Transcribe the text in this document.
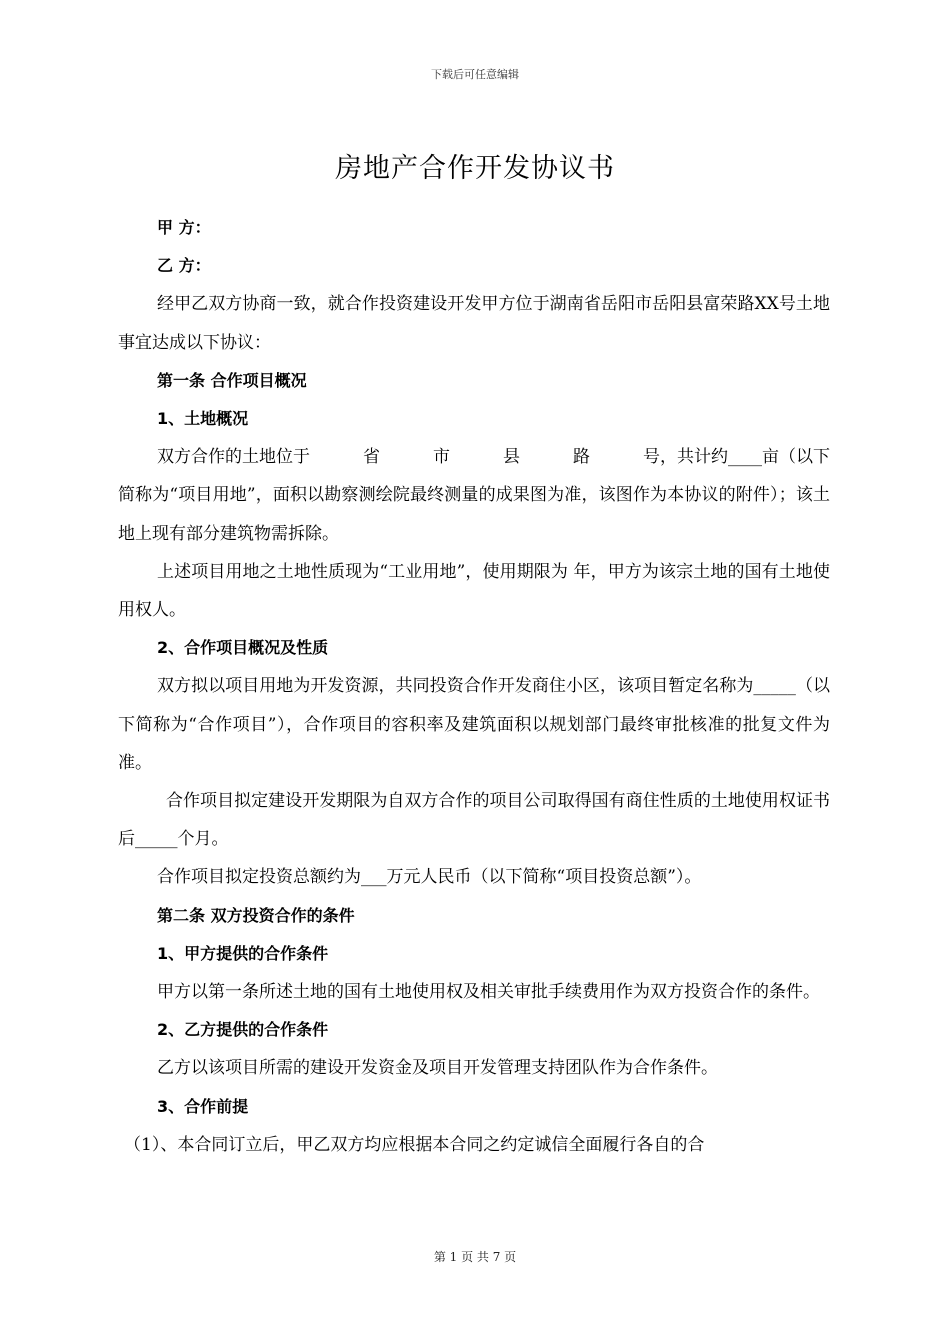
下载后可任意编辑
房地产合作开发协议书

甲 方：

乙 方：

经甲乙双方协商一致，就合作投资建设开发甲方位于湖南省岳阳市岳阳县富荣路XX号土地事宜达成以下协议：

第一条 合作项目概况

1、土地概况

双方合作的土地位于	省	市	县	路	号，共计约____亩（以下

简称为“项目用地”，面积以勘察测绘院最终测量的成果图为准，该图作为本协议的附件）；该土地上现有部分建筑物需拆除。

上述项目用地之土地性质现为“工业用地”，使用期限为 年，甲方为该宗土地的国有土地使用权人。

2、合作项目概况及性质

双方拟以项目用地为开发资源，共同投资合作开发商住小区，该项目暂定名称为_____（以下简称为“合作项目”），合作项目的容积率及建筑面积以规划部门最终审批核准的批复文件为准。

合作项目拟定建设开发期限为自双方合作的项目公司取得国有商住性质的土地使用权证书后_____个月。

合作项目拟定投资总额约为___万元人民币（以下简称“项目投资总额”）。

第二条 双方投资合作的条件

1、甲方提供的合作条件

甲方以第一条所述土地的国有土地使用权及相关审批手续费用作为双方投资合作的条件。

2、乙方提供的合作条件

乙方以该项目所需的建设开发资金及项目开发管理支持团队作为合作条件。

3、合作前提

（1）、本合同订立后，甲乙双方均应根据本合同之约定诚信全面履行各自的合

第 1 页 共 7 页
